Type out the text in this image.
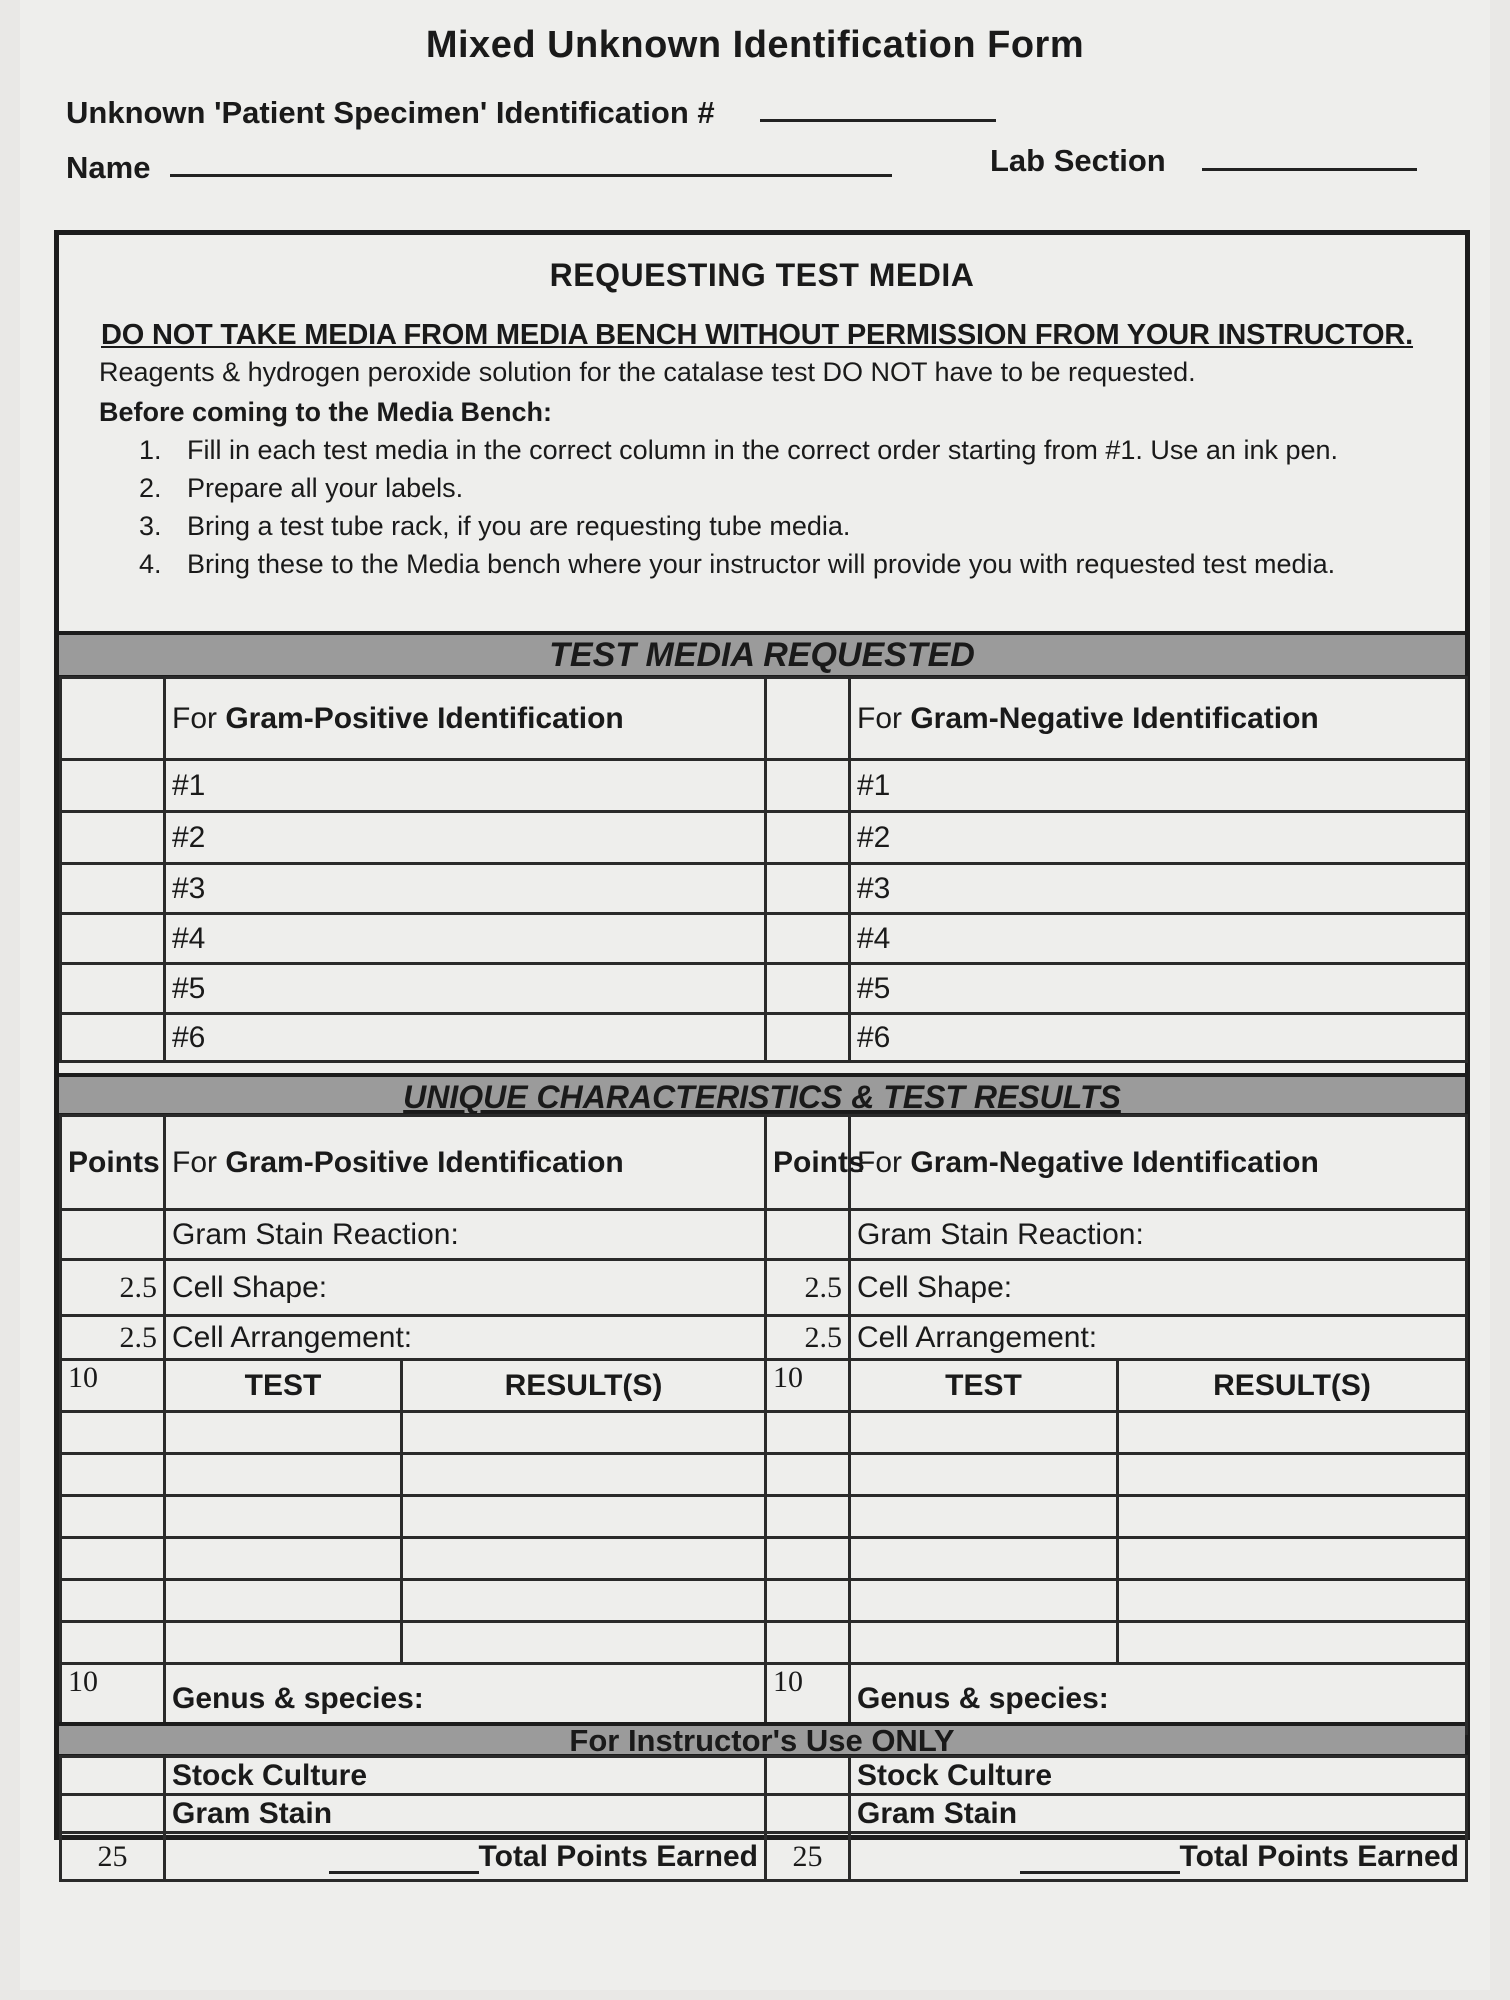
Mixed Unknown Identification Form
Unknown 'Patient Specimen' Identification #
Name	Lab Section
REQUESTING TEST MEDIA
DO NOT TAKE MEDIA FROM MEDIA BENCH WITHOUT PERMISSION FROM YOUR INSTRUCTOR.
Reagents & hydrogen peroxide solution for the catalase test DO NOT have to be requested.
Before coming to the Media Bench:
1. Fill in each test media in the correct column in the correct order starting from #1. Use an ink pen.
2. Prepare all your labels.
3. Bring a test tube rack, if you are requesting tube media.
4. Bring these to the Media bench where your instructor will provide you with requested test media.
TEST MEDIA REQUESTED
	For Gram-Positive Identification		For Gram-Negative Identification
	#1		#1
	#2		#2
	#3		#3
	#4		#4
	#5		#5
	#6		#6
UNIQUE CHARACTERISTICS & TEST RESULTS
Points	For Gram-Positive Identification		Points	For Gram-Negative Identification	
	Gram Stain Reaction:			Gram Stain Reaction:	
2.5	Cell Shape:		2.5	Cell Shape:	
2.5	Cell Arrangement:		2.5	Cell Arrangement:	
10	TEST	RESULT(S)	10	TEST	RESULT(S)

10	Genus & species:		10	Genus & species:	
For Instructor's Use ONLY
	Stock Culture		Stock Culture
	Gram Stain		Gram Stain
25	Total Points Earned	25	Total Points Earned
